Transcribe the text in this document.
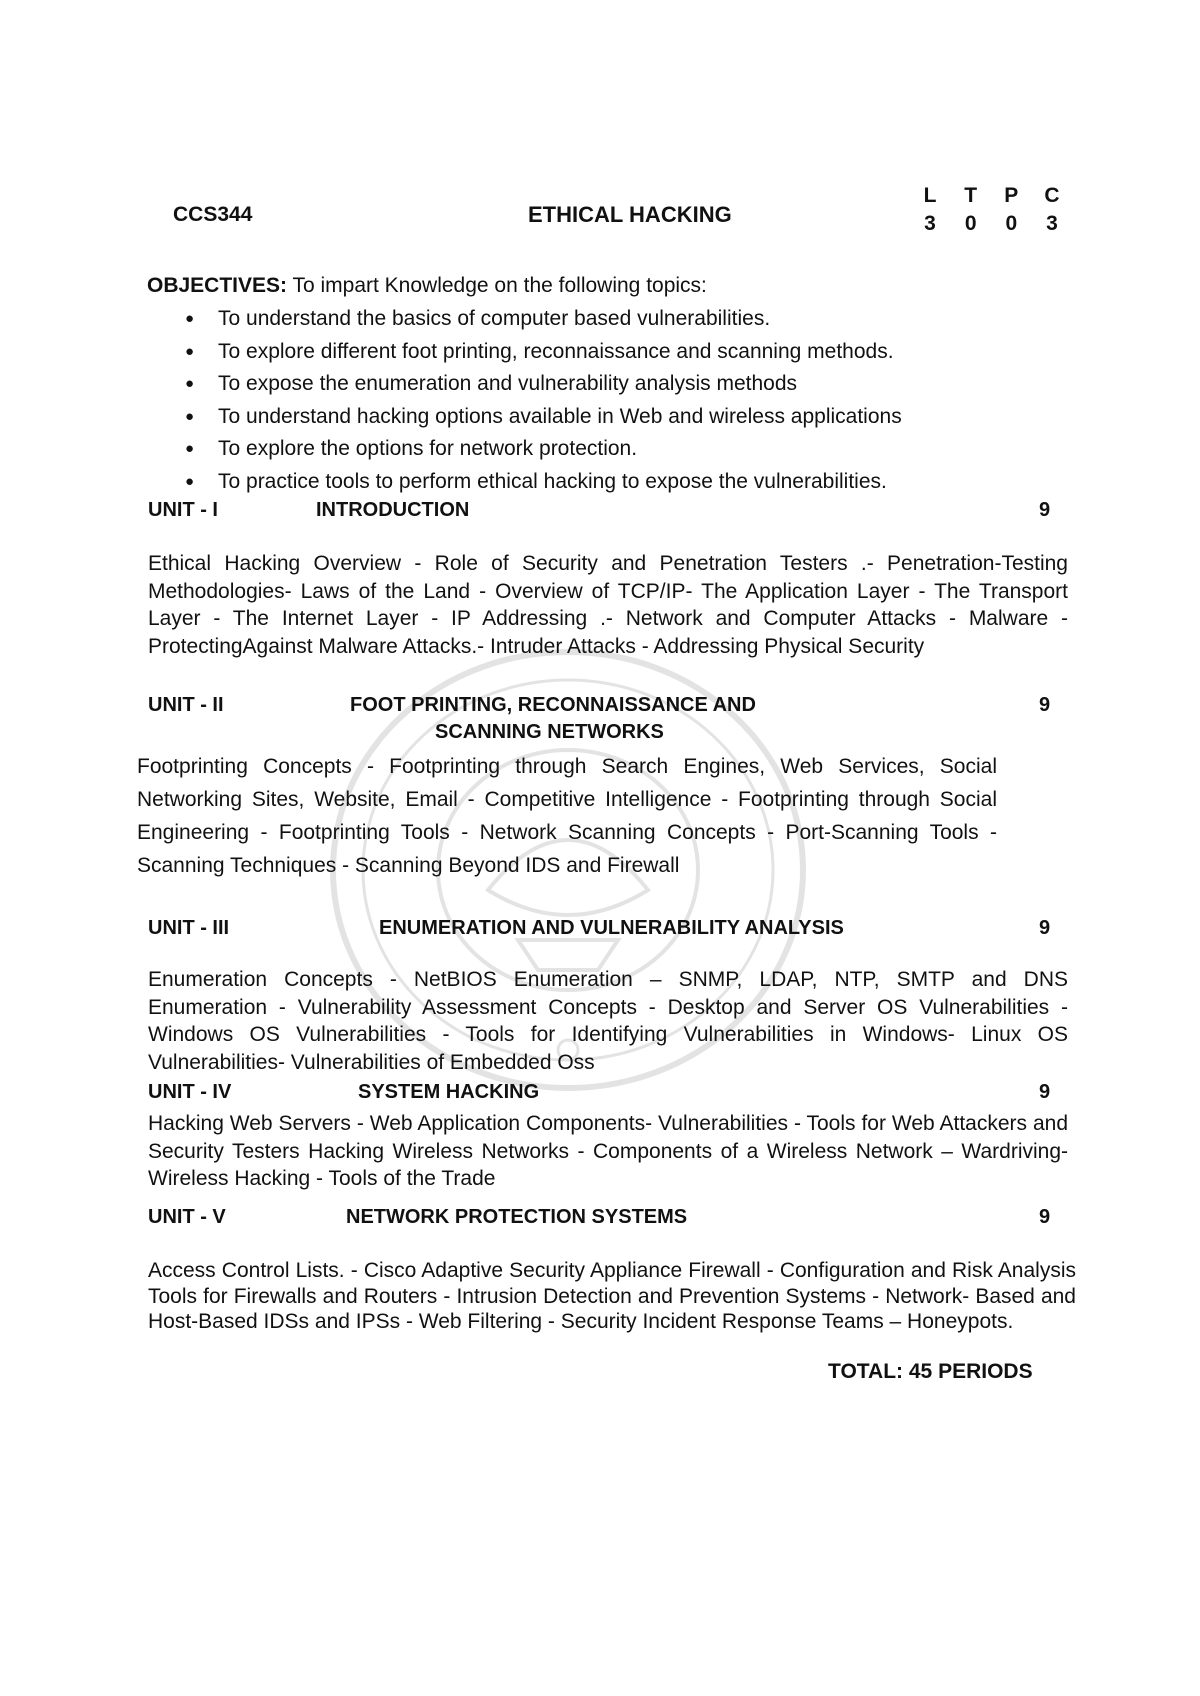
CCS344	ETHICAL HACKING
L T P C
3 0 0 3

OBJECTIVES: To impart Knowledge on the following topics:

● To understand the basics of computer based vulnerabilities.
● To explore different foot printing, reconnaissance and scanning methods.
● To expose the enumeration and vulnerability analysis methods
● To understand hacking options available in Web and wireless applications
● To explore the options for network protection.
● To practice tools to perform ethical hacking to expose the vulnerabilities.
UNIT - I	INTRODUCTION	9

Ethical Hacking Overview - Role of Security and Penetration Testers .- Penetration-Testing Methodologies- Laws of the Land - Overview of TCP/IP- The Application Layer - The Transport Layer - The Internet Layer - IP Addressing .- Network and Computer Attacks - Malware - ProtectingAgainst Malware Attacks.- Intruder Attacks - Addressing Physical Security

UNIT - II	FOOT PRINTING, RECONNAISSANCE AND
SCANNING NETWORKS
9

Footprinting Concepts - Footprinting through Search Engines, Web Services, Social Networking Sites, Website, Email - Competitive Intelligence - Footprinting through Social Engineering - Footprinting Tools - Network Scanning Concepts - Port-Scanning Tools - Scanning Techniques - Scanning Beyond IDS and Firewall

UNIT - III	ENUMERATION AND VULNERABILITY ANALYSIS	9

Enumeration Concepts - NetBIOS Enumeration – SNMP, LDAP, NTP, SMTP and DNS Enumeration - Vulnerability Assessment Concepts - Desktop and Server OS Vulnerabilities - Windows OS Vulnerabilities - Tools for Identifying Vulnerabilities in Windows- Linux OS Vulnerabilities- Vulnerabilities of Embedded Oss

UNIT - IV	SYSTEM HACKING	9

Hacking Web Servers - Web Application Components- Vulnerabilities - Tools for Web Attackers and Security Testers Hacking Wireless Networks - Components of a Wireless Network – Wardriving- Wireless Hacking - Tools of the Trade

UNIT - V	NETWORK PROTECTION SYSTEMS	9

Access Control Lists. - Cisco Adaptive Security Appliance Firewall - Configuration and Risk Analysis Tools for Firewalls and Routers - Intrusion Detection and Prevention Systems - Network- Based and Host-Based IDSs and IPSs - Web Filtering - Security Incident Response Teams – Honeypots.

TOTAL: 45 PERIODS
